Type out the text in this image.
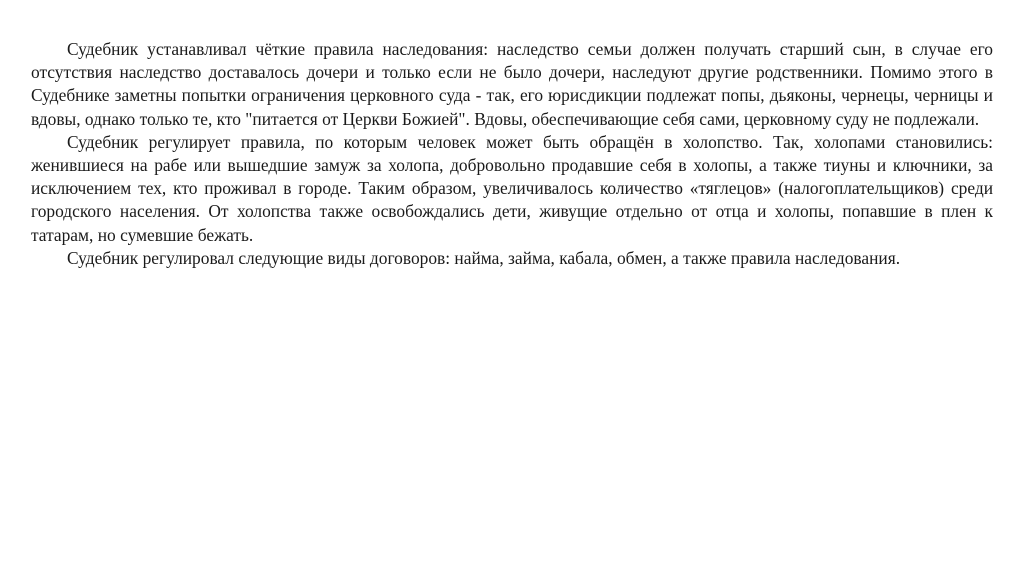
Судебник устанавливал чёткие правила наследования: наследство семьи должен получать старший сын, в случае его отсутствия наследство доставалось дочери и только если не было дочери, наследуют другие родственники. Помимо этого в Судебнике заметны попытки ограничения церковного суда - так, его юрисдикции подлежат попы, дьяконы, чернецы, черницы и вдовы, однако только те, кто "питается от Церкви Божией". Вдовы, обеспечивающие себя сами, церковному суду не подлежали.

Судебник регулирует правила, по которым человек может быть обращён в холопство. Так, холопами становились: женившиеся на рабе или вышедшие замуж за холопа, добровольно продавшие себя в холопы, а также тиуны и ключники, за исключением тех, кто проживал в городе. Таким образом, увеличивалось количество «тяглецов» (налогоплательщиков) среди городского населения. От холопства также освобождались дети, живущие отдельно от отца и холопы, попавшие в плен к татарам, но сумевшие бежать.

Судебник регулировал следующие виды договоров: найма, займа, кабала, обмен, а также правила наследования.
